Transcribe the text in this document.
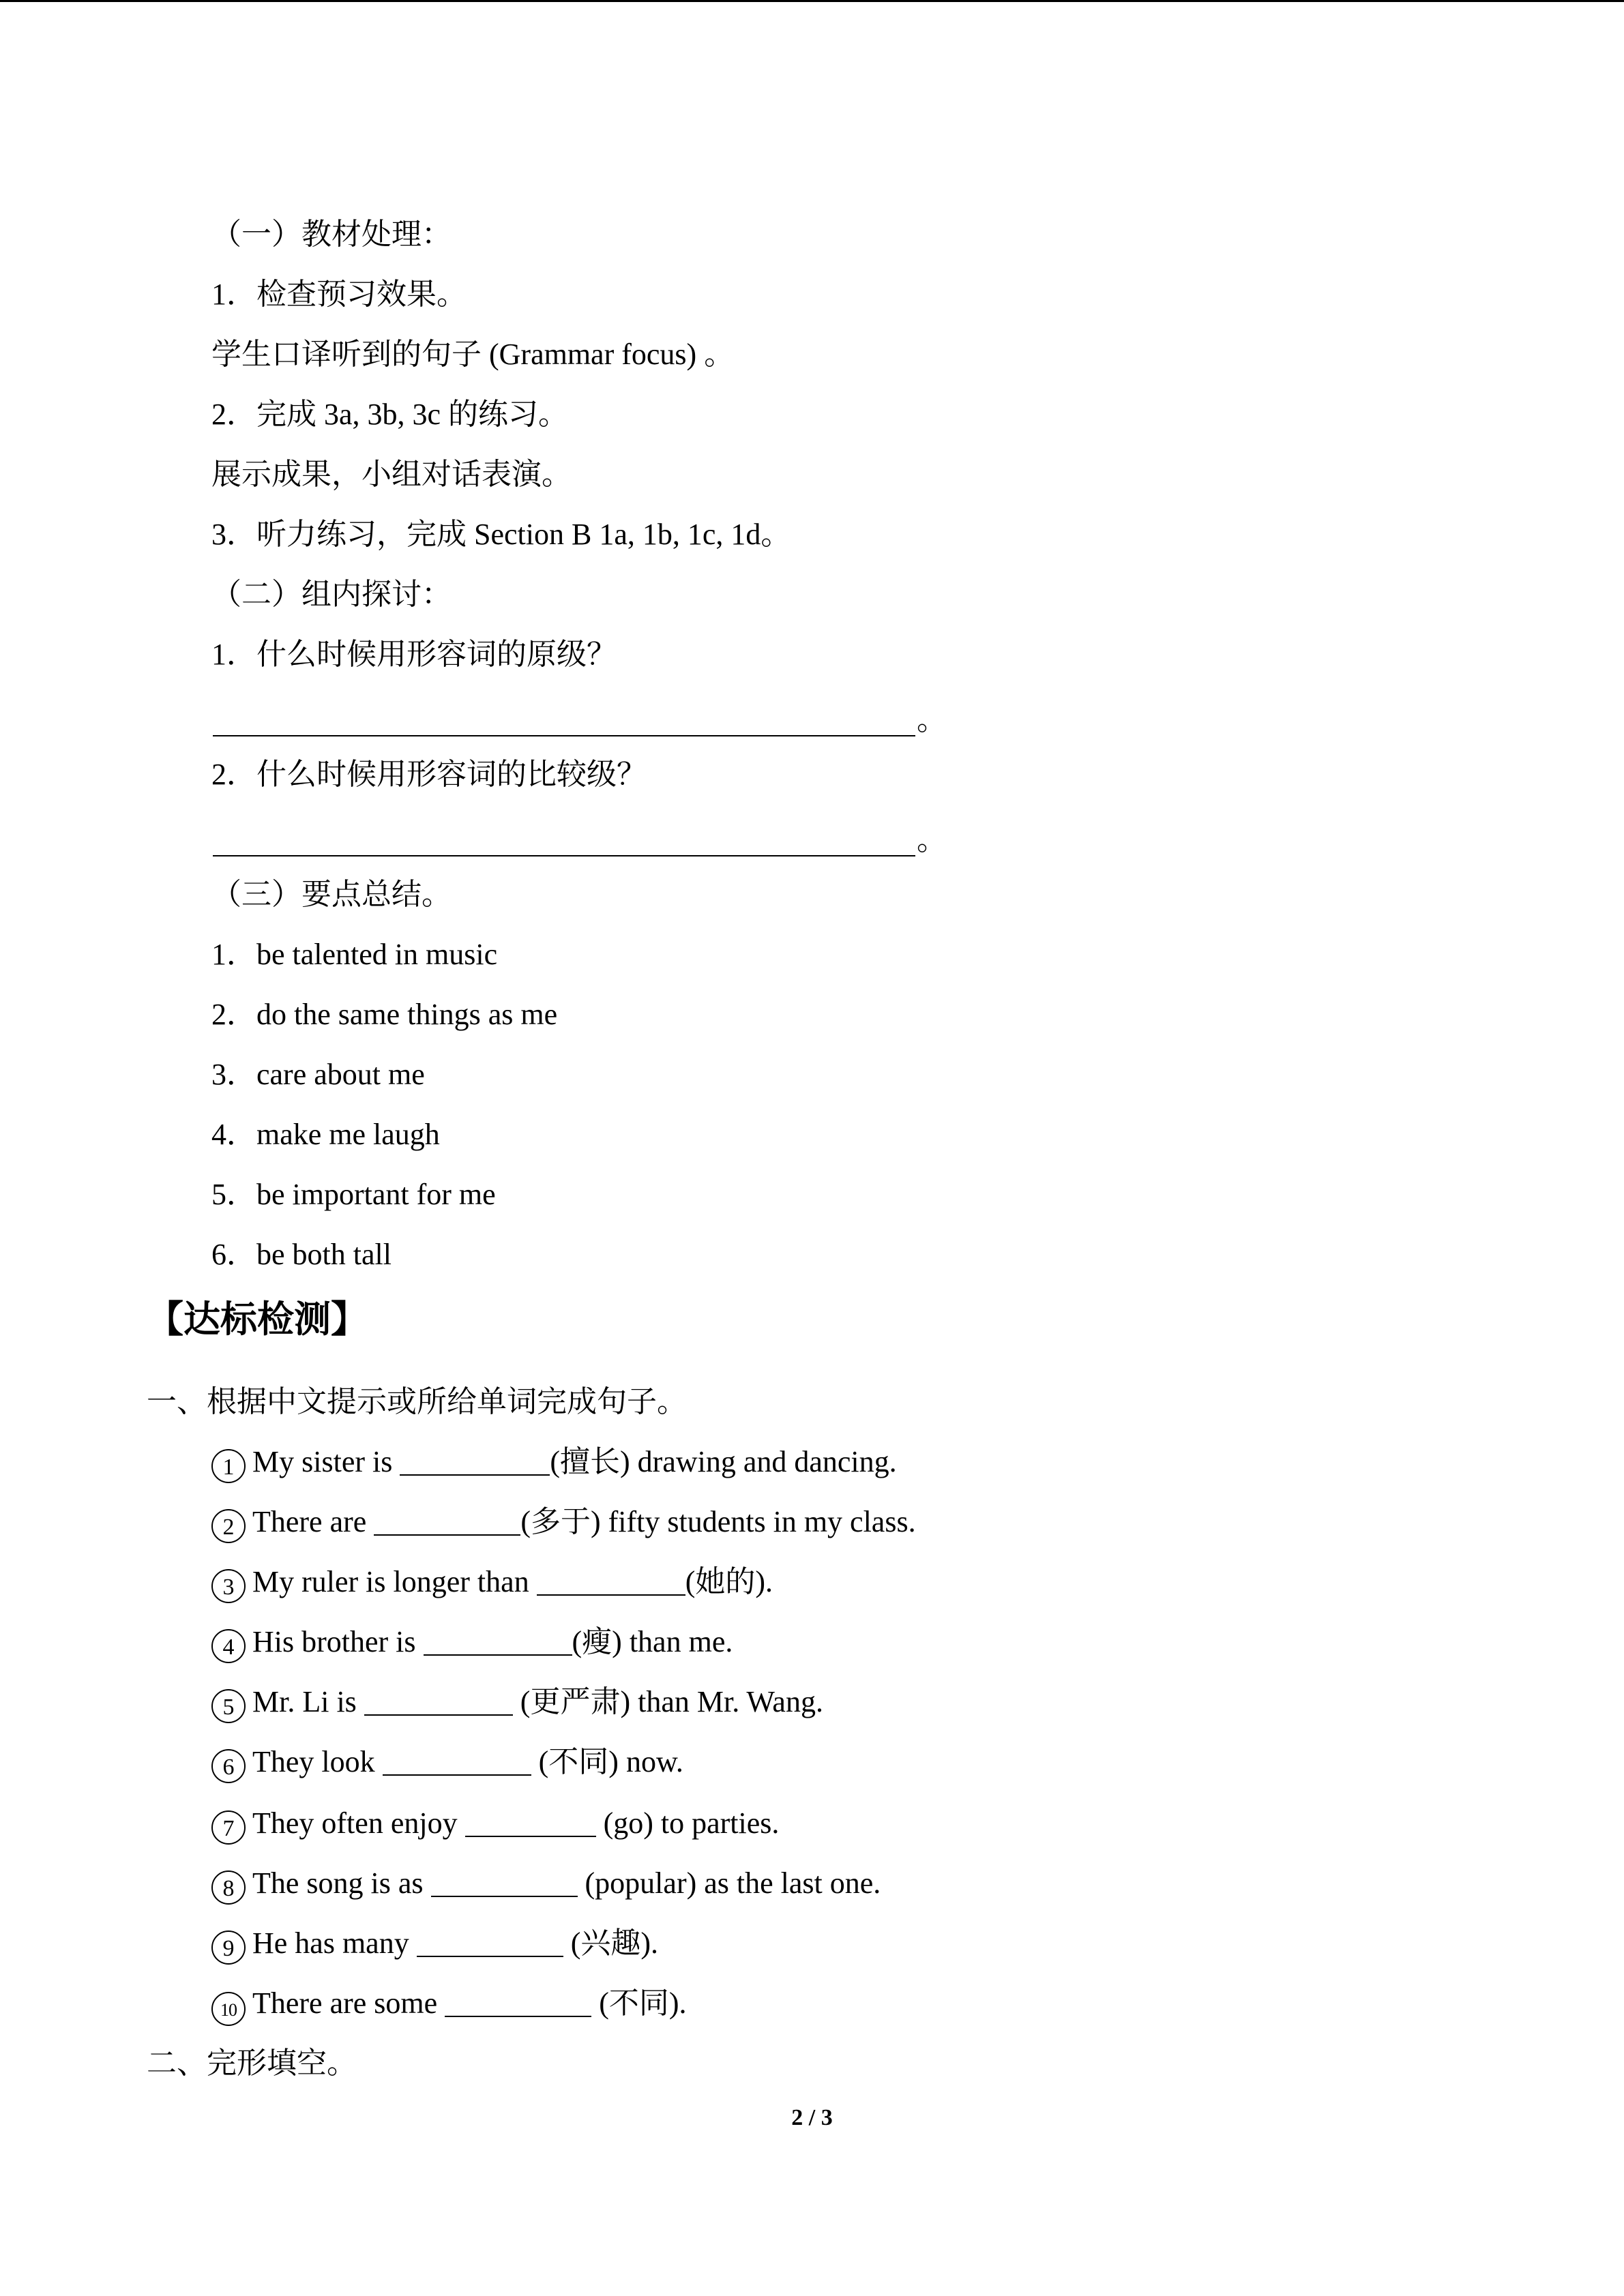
（一）教材处理：
1．检查预习效果。
学生口译听到的句子 (Grammar focus) 。
2．完成 3a, 3b, 3c 的练习。
展示成果，小组对话表演。
3．听力练习，完成 Section B 1a, 1b, 1c, 1d。
（二）组内探讨：
1．什么时候用形容词的原级？
。
2．什么时候用形容词的比较级？
。
（三）要点总结。
1．be talented in music
2．do the same things as me
3．care about me
4．make me laugh
5．be important for me
6．be both tall
【达标检测】
一、根据中文提示或所给单词完成句子。
1 My sister is	(擅长) drawing and dancing.
2 There are	(多于) fifty students in my class.
3 My ruler is longer than	(她的).
4 His brother is	(瘦) than me.
5 Mr. Li is	(更严肃) than Mr. Wang.
6 They look	(不同) now.
7 They often enjoy	(go) to parties.
8 The song is as	(popular) as the last one.
9 He has many	(兴趣).
10 There are some	(不同).
二、完形填空。
2 / 3
